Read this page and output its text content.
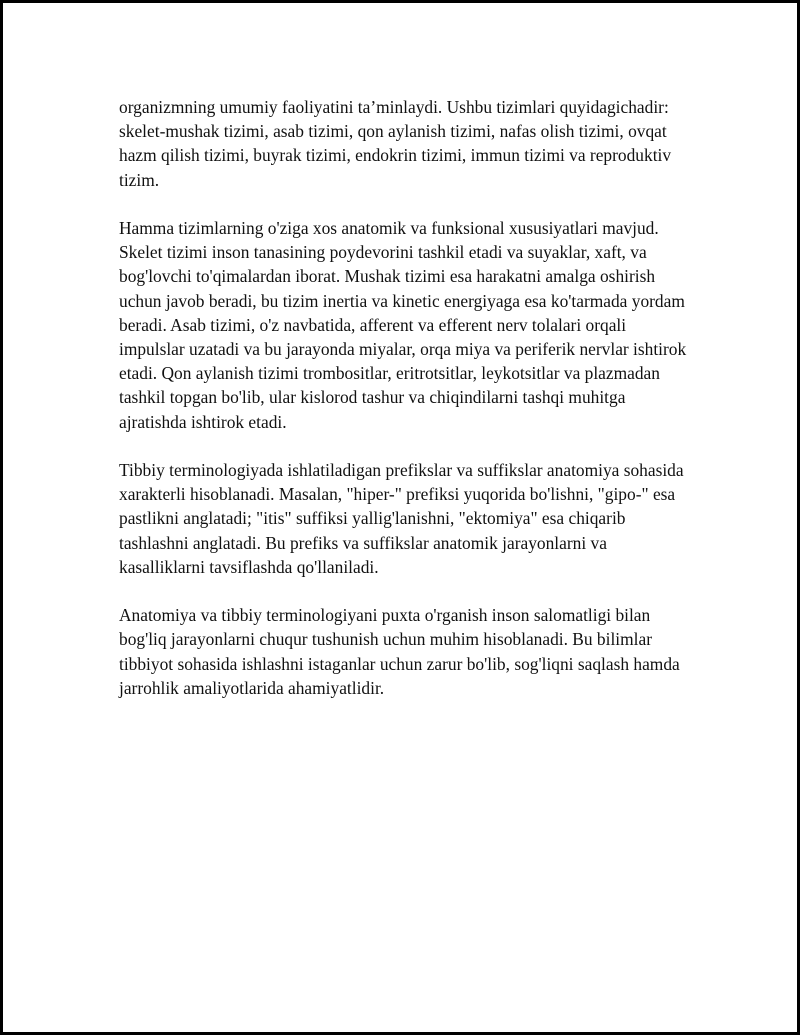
organizmning umumiy faoliyatini ta’minlaydi. Ushbu tizimlari quyidagichadir: skelet-mushak tizimi, asab tizimi, qon aylanish tizimi, nafas olish tizimi, ovqat hazm qilish tizimi, buyrak tizimi, endokrin tizimi, immun tizimi va reproduktiv tizim.

Hamma tizimlarning o'ziga xos anatomik va funksional xususiyatlari mavjud. Skelet tizimi inson tanasining poydevorini tashkil etadi va suyaklar, xaft, va bog'lovchi to'qimalardan iborat. Mushak tizimi esa harakatni amalga oshirish uchun javob beradi, bu tizim inertia va kinetic energiyaga esa ko'tarmada yordam beradi. Asab tizimi, o'z navbatida, afferent va efferent nerv tolalari orqali impulslar uzatadi va bu jarayonda miyalar, orqa miya va periferik nervlar ishtirok etadi. Qon aylanish tizimi trombositlar, eritrotsitlar, leykotsitlar va plazmadan tashkil topgan bo'lib, ular kislorod tashur va chiqindilarni tashqi muhitga ajratishda ishtirok etadi.

Tibbiy terminologiyada ishlatiladigan prefikslar va suffikslar anatomiya sohasida xarakterli hisoblanadi. Masalan, "hiper-" prefiksi yuqorida bo'lishni, "gipo-" esa pastlikni anglatadi; "itis" suffiksi yallig'lanishni, "ektomiya" esa chiqarib tashlashni anglatadi. Bu prefiks va suffikslar anatomik jarayonlarni va kasalliklarni tavsiflashda qo'llaniladi.

Anatomiya va tibbiy terminologiyani puxta o'rganish inson salomatligi bilan bog'liq jarayonlarni chuqur tushunish uchun muhim hisoblanadi. Bu bilimlar tibbiyot sohasida ishlashni istaganlar uchun zarur bo'lib, sog'liqni saqlash hamda jarrohlik amaliyotlarida ahamiyatlidir.
